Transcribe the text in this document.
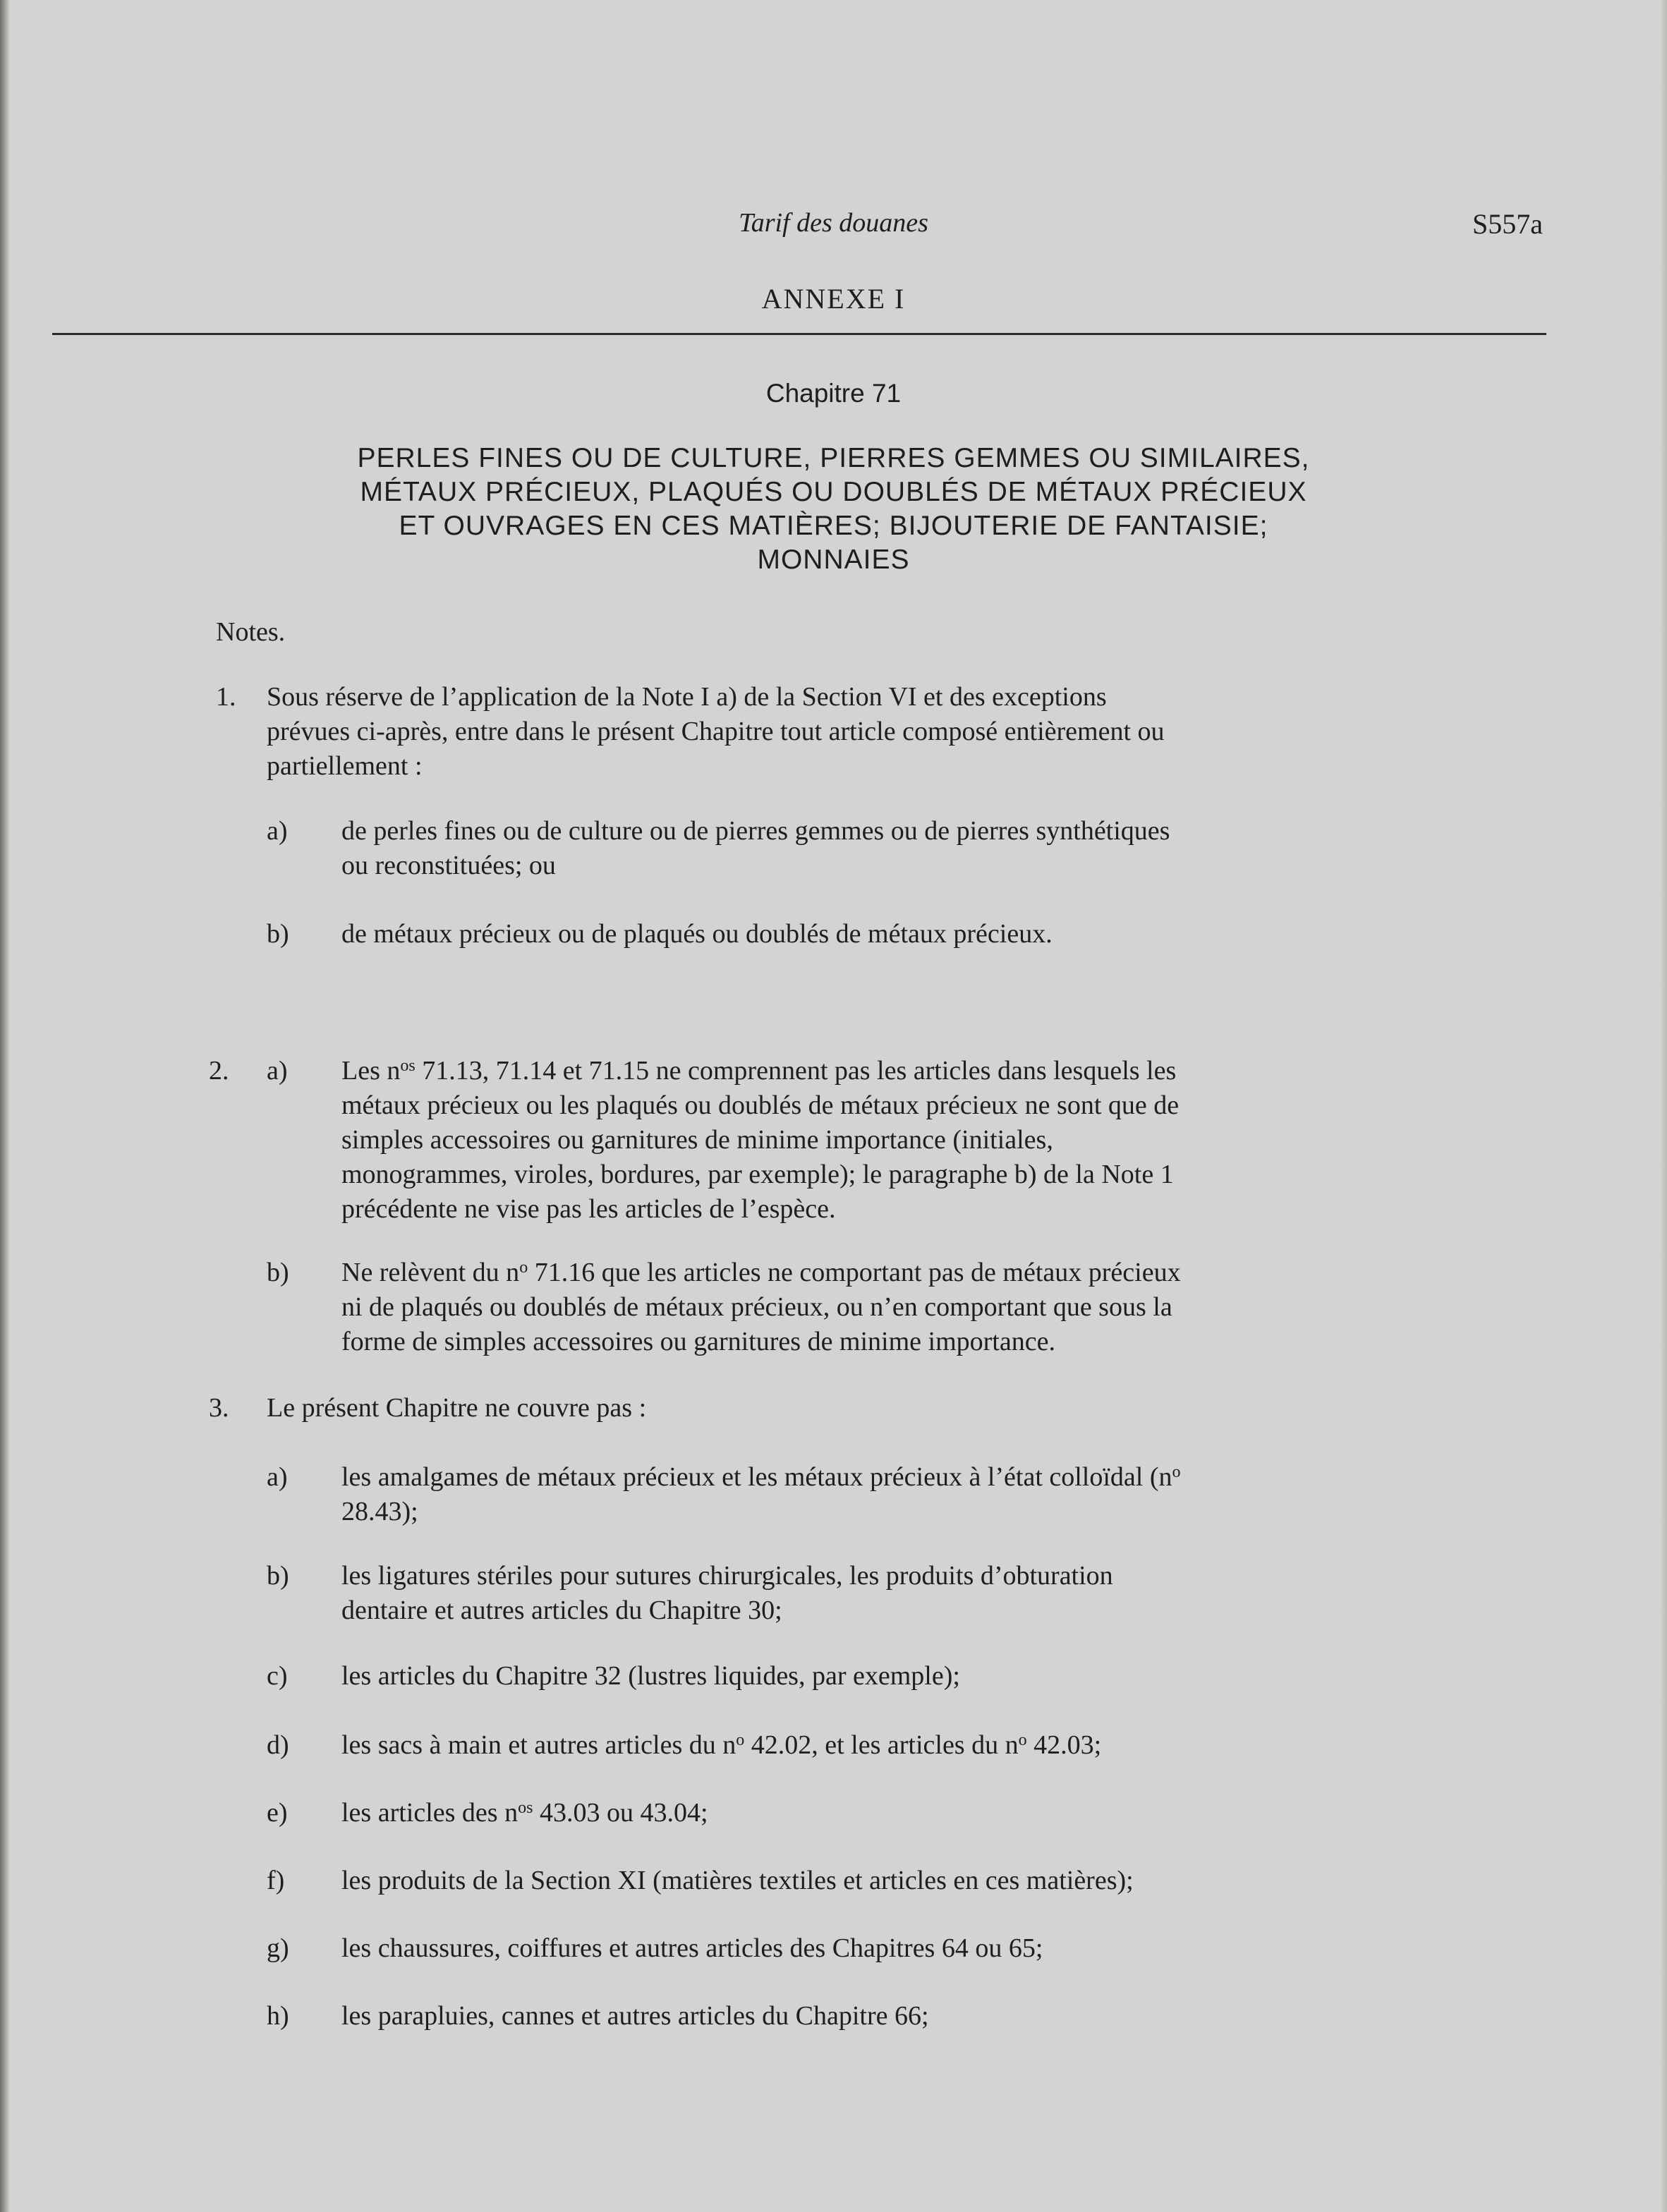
Tarif des douanes	S557a
ANNEXE I
Chapitre 71
PERLES FINES OU DE CULTURE, PIERRES GEMMES OU SIMILAIRES,
MÉTAUX PRÉCIEUX, PLAQUÉS OU DOUBLÉS DE MÉTAUX PRÉCIEUX
ET OUVRAGES EN CES MATIÈRES; BIJOUTERIE DE FANTAISIE;
MONNAIES
Notes.
1. Sous réserve de l’application de la Note I a) de la Section VI et des exceptions
prévues ci-après, entre dans le présent Chapitre tout article composé entièrement ou
partiellement :
a) de perles fines ou de culture ou de pierres gemmes ou de pierres synthétiques
ou reconstituées; ou
b) de métaux précieux ou de plaqués ou doublés de métaux précieux.
2. a) Les $n^{os}$ 71.13, 71.14 et 71.15 ne comprennent pas les articles dans lesquels les
métaux précieux ou les plaqués ou doublés de métaux précieux ne sont que de
simples accessoires ou garnitures de minime importance (initiales,
monogrammes, viroles, bordures, par exemple); le paragraphe b) de la Note 1
précédente ne vise pas les articles de l’espèce.
b) Ne relèvent du $n^o$ 71.16 que les articles ne comportant pas de métaux précieux
ni de plaqués ou doublés de métaux précieux, ou n’en comportant que sous la
forme de simples accessoires ou garnitures de minime importance.
3. Le présent Chapitre ne couvre pas :
a) les amalgames de métaux précieux et les métaux précieux à l’état colloïdal ($n^o$
28.43);
b) les ligatures stériles pour sutures chirurgicales, les produits d’obturation
dentaire et autres articles du Chapitre 30;
c) les articles du Chapitre 32 (lustres liquides, par exemple);
d) les sacs à main et autres articles du $n^o$ 42.02, et les articles du $n^o$ 42.03;
e) les articles des $n^{os}$ 43.03 ou 43.04;
f) les produits de la Section XI (matières textiles et articles en ces matières);
g) les chaussures, coiffures et autres articles des Chapitres 64 ou 65;
h) les parapluies, cannes et autres articles du Chapitre 66;
